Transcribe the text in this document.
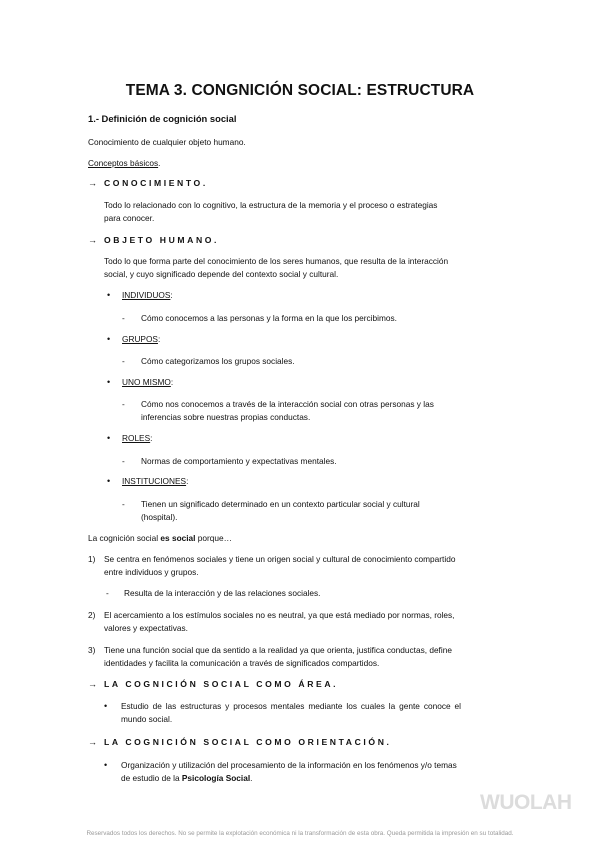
TEMA 3. CONGNICIÓN SOCIAL: ESTRUCTURA
1.- Definición de cognición social
Conocimiento de cualquier objeto humano.
Conceptos básicos.
→ CONOCIMIENTO.
Todo lo relacionado con lo cognitivo, la estructura de la memoria y el proceso o estrategias
para conocer.
→ OBJETO HUMANO.
Todo lo que forma parte del conocimiento de los seres humanos, que resulta de la interacción
social, y cuyo significado depende del contexto social y cultural.
• INDIVIDUOS:
- Cómo conocemos a las personas y la forma en la que los percibimos.
• GRUPOS:
- Cómo categorizamos los grupos sociales.
• UNO MISMO:
- Cómo nos conocemos a través de la interacción social con otras personas y las
inferencias sobre nuestras propias conductas.
• ROLES:
- Normas de comportamiento y expectativas mentales.
• INSTITUCIONES:
- Tienen un significado determinado en un contexto particular social y cultural
(hospital).
La cognición social es social porque…
1) Se centra en fenómenos sociales y tiene un origen social y cultural de conocimiento compartido
entre individuos y grupos.
- Resulta de la interacción y de las relaciones sociales.
2) El acercamiento a los estímulos sociales no es neutral, ya que está mediado por normas, roles,
valores y expectativas.
3) Tiene una función social que da sentido a la realidad ya que orienta, justifica conductas, define
identidades y facilita la comunicación a través de significados compartidos.
→ LA COGNICIÓN SOCIAL COMO ÁREA.
• Estudio de las estructuras y procesos mentales mediante los cuales la gente conoce el
mundo social.
→ LA COGNICIÓN SOCIAL COMO ORIENTACIÓN.
• Organización y utilización del procesamiento de la información en los fenómenos y/o temas
de estudio de la Psicología Social.
WUOLAH
Reservados todos los derechos. No se permite la explotación económica ni la transformación de esta obra. Queda permitida la impresión en su totalidad.
